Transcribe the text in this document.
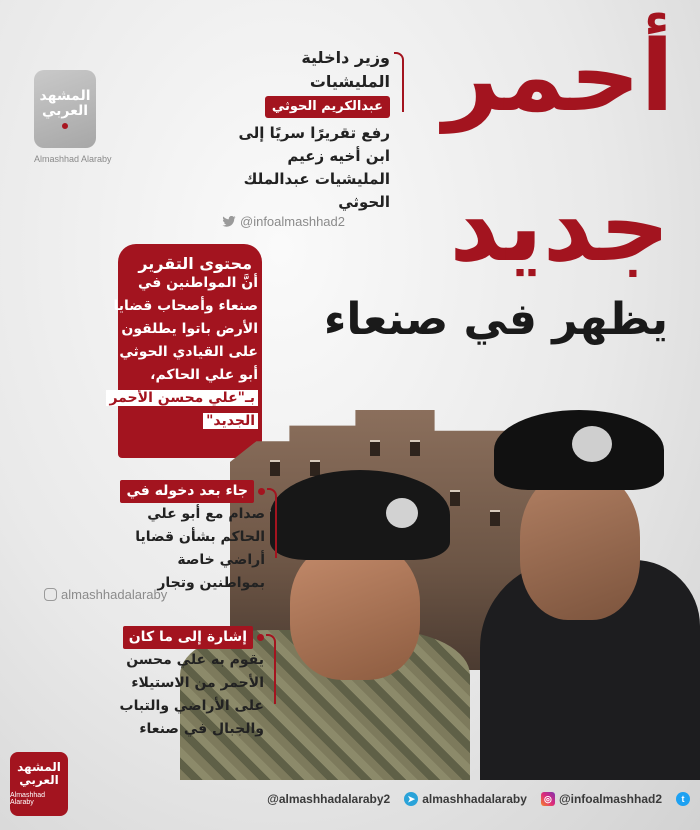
المشهد
العربي
Almashhad Alaraby
أحمر
جديد
يظهر في صنعاء
وزير داخلية
المليشيات
عبدالكريم الحوثي
رفع تقريرًا سريًا إلى
ابن أخيه زعيم
المليشيات عبدالملك
الحوثي
@infoalmashhad2
محتوى التقرير
أنَّ المواطنين في
صنعاء وأصحاب قضايا
الأرض باتوا يطلقون
على القيادي الحوثي
أبو علي الحاكم،
بـ"علي محسن الأحمر
الجديد"
جاء بعد دخوله في
صدام مع أبو علي
الحاكم بشأن قضايا
أراضي خاصة
بمواطنين وتجار
almashhadalaraby
إشارة إلى ما كان
يقوم به علي محسن
الأحمر من الاستيلاء
على الأراضي والتباب
والجبال في صنعاء
المشهد
العربي
Almashhad Alaraby	@almashhadalaraby2	➤ almashhadalaraby	◎ @infoalmashhad2	t
